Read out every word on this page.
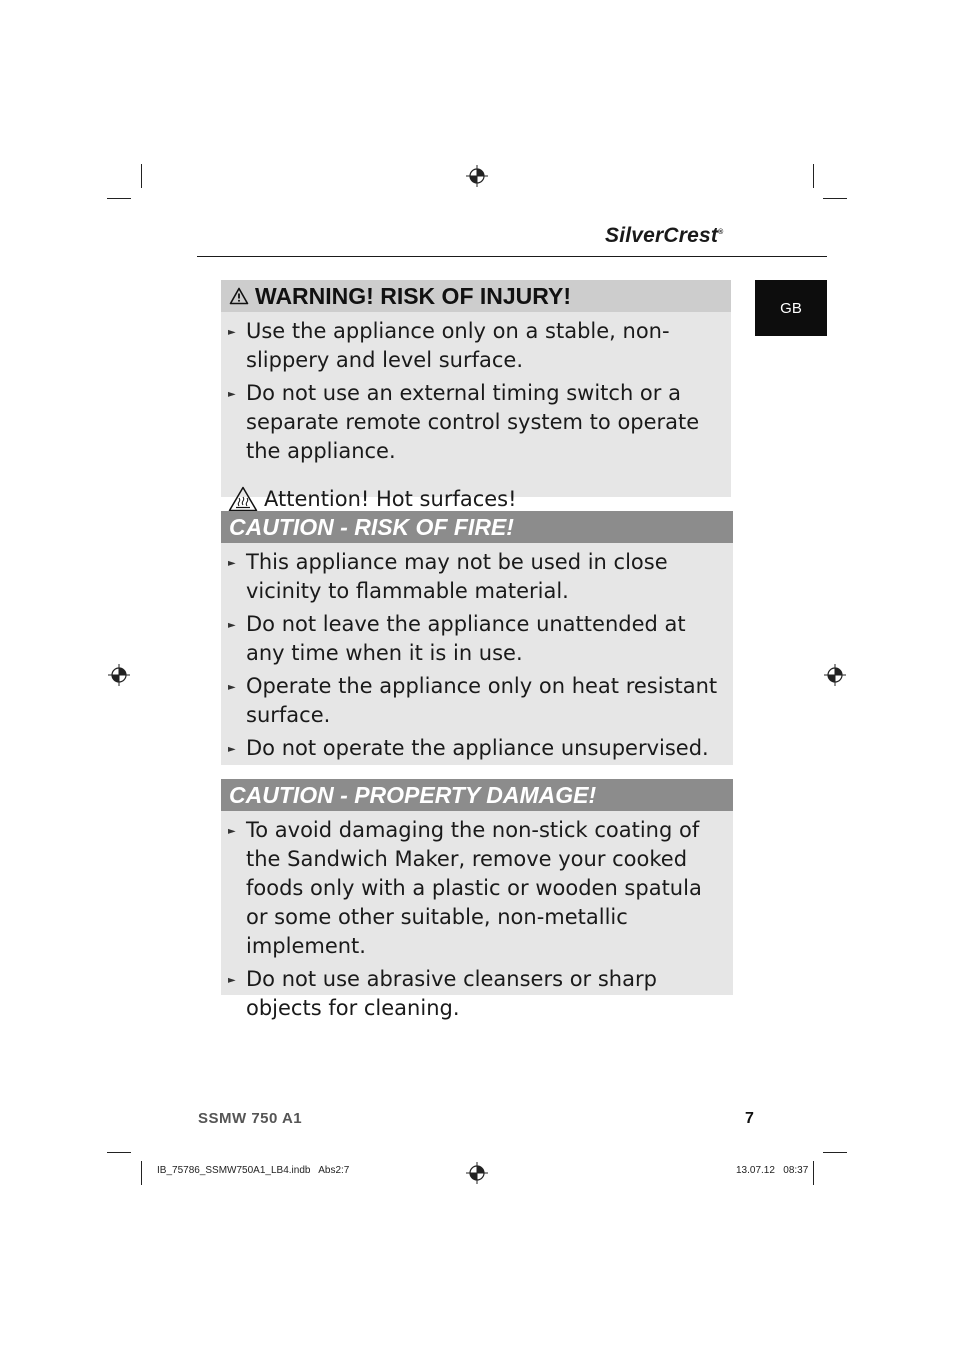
SilverCrest®
GB
WARNING! RISK OF INJURY!
► Use the appliance only on a stable, non-slippery and level surface.
► Do not use an external timing switch or a separate remote control system to operate the appliance.
Attention! Hot surfaces!
CAUTION - RISK OF FIRE!
► This appliance may not be used in close vicinity to flammable material.
► Do not leave the appliance unattended at any time when it is in use.
► Operate the appliance only on heat resistant surface.
► Do not operate the appliance unsupervised.
CAUTION - PROPERTY DAMAGE!
► To avoid damaging the non-stick coating of the Sandwich Maker, remove your cooked foods only with a plastic or wooden spatula or some other suitable, non-metallic implement.
► Do not use abrasive cleansers or sharp objects for cleaning.
SSMW 750 A1	7
IB_75786_SSMW750A1_LB4.indb   Abs2:7	13.07.12   08:37
